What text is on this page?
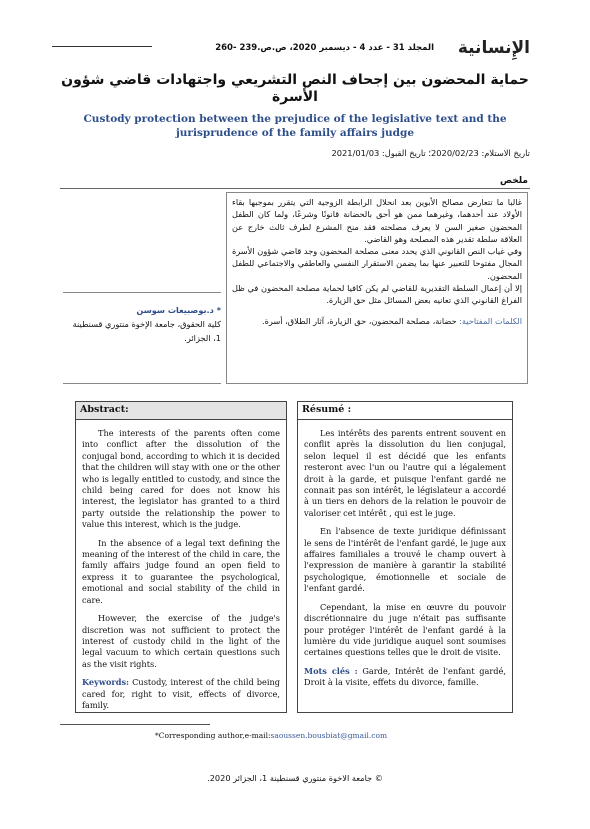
الإِنسانية
المجلد 31 - عدد 4 - ديسمبر 2020، ص.ص.239 -260
حماية المحضون بين إجحاف النص التشريعي واجتهادات قاضي شؤون الأسرة
Custody protection between the prejudice of the legislative text and the jurisprudence of the family affairs judge
تاريخ الاستلام: 2020/02/23؛ تاريخ القبول: 2021/01/03
ملخص

غالبا ما تتعارض مصالح الأبوين بعد انحلال الرابطة الزوجية التي يتقرر بموجبها بقاء الأولاد عند أحدهما، وغيرهما ممن هو أحق بالحضانة قانونًا وشرعًا، ولما كان الطفل المحضون صغير السن لا يعرف مصلحته فقد منح المشرع لطرف ثالث خارج عن العلاقة سلطة تقدير هذه المصلحة وهو القاضي.

وفي غياب النص القانوني الذي يحدد معنى مصلحة المحضون وجد قاضي شؤون الأسرة المجال مفتوحا للتعبير عنها بما يضمن الاستقرار النفسي والعاطفي والاجتماعي للطفل المحضون.

إلا أن إعمال السلطة التقديرية للقاضي لم يكن كافيا لحماية مصلحة المحضون في ظل الفراغ القانوني الذي تعانيه بعض المسائل مثل حق الزيارة.

الكلمات المفتاحية: حضانة، مصلحة المحضون، حق الزيارة، آثار الطلاق، أسرة.

* د.بوصبيعات سوسن
كلية الحقوق، جامعة الإخوة منتوري قسنطينة 1، الجزائر.
Abstract:

The interests of the parents often come into conflict after the dissolution of the conjugal bond, according to which it is decided that the children will stay with one or the other who is legally entitled to custody, and since the child being cared for does not know his interest, the legislator has granted to a third party outside the relationship the power to value this interest, which is the judge.

In the absence of a legal text defining the meaning of the interest of the child in care, the family affairs judge found an open field to express it to guarantee the psychological, emotional and social stability of the child in care.

However, the exercise of the judge's discretion was not sufficient to protect the interest of custody child in the light of the legal vacuum to which certain questions such as the visit rights.

Keywords: Custody, interest of the child being cared for, right to visit, effects of divorce, family.

Résumé :

Les intérêts des parents entrent souvent en conflit après la dissolution du lien conjugal, selon lequel il est décidé que les enfants resteront avec l'un ou l'autre qui a légalement droit à la garde, et puisque l'enfant gardé ne connait pas son intérêt, le législateur a accordé à un tiers en dehors de la relation le pouvoir de valoriser cet intérêt , qui est le juge.

En l'absence de texte juridique définissant le sens de l'intérêt de l'enfant gardé, le juge aux affaires familiales a trouvé le champ ouvert à l'expression de manière à garantir la stabilité psychologique, émotionnelle et sociale de l'enfant gardé.

Cependant, la mise en œuvre du pouvoir discrétionnaire du juge n'était pas suffisante pour protéger l'intérêt de l'enfant gardé à la lumière du vide juridique auquel sont soumises certaines questions telles que le droit de visite.

Mots clés : Garde, Intérêt de l'enfant gardé, Droit à la visite, effets du divorce, famille.

*Corresponding author,e-mail:saoussen.bousbiat@gmail.com
© جامعة الاخوة منتوري قسنطينة 1، الجزائر 2020.
